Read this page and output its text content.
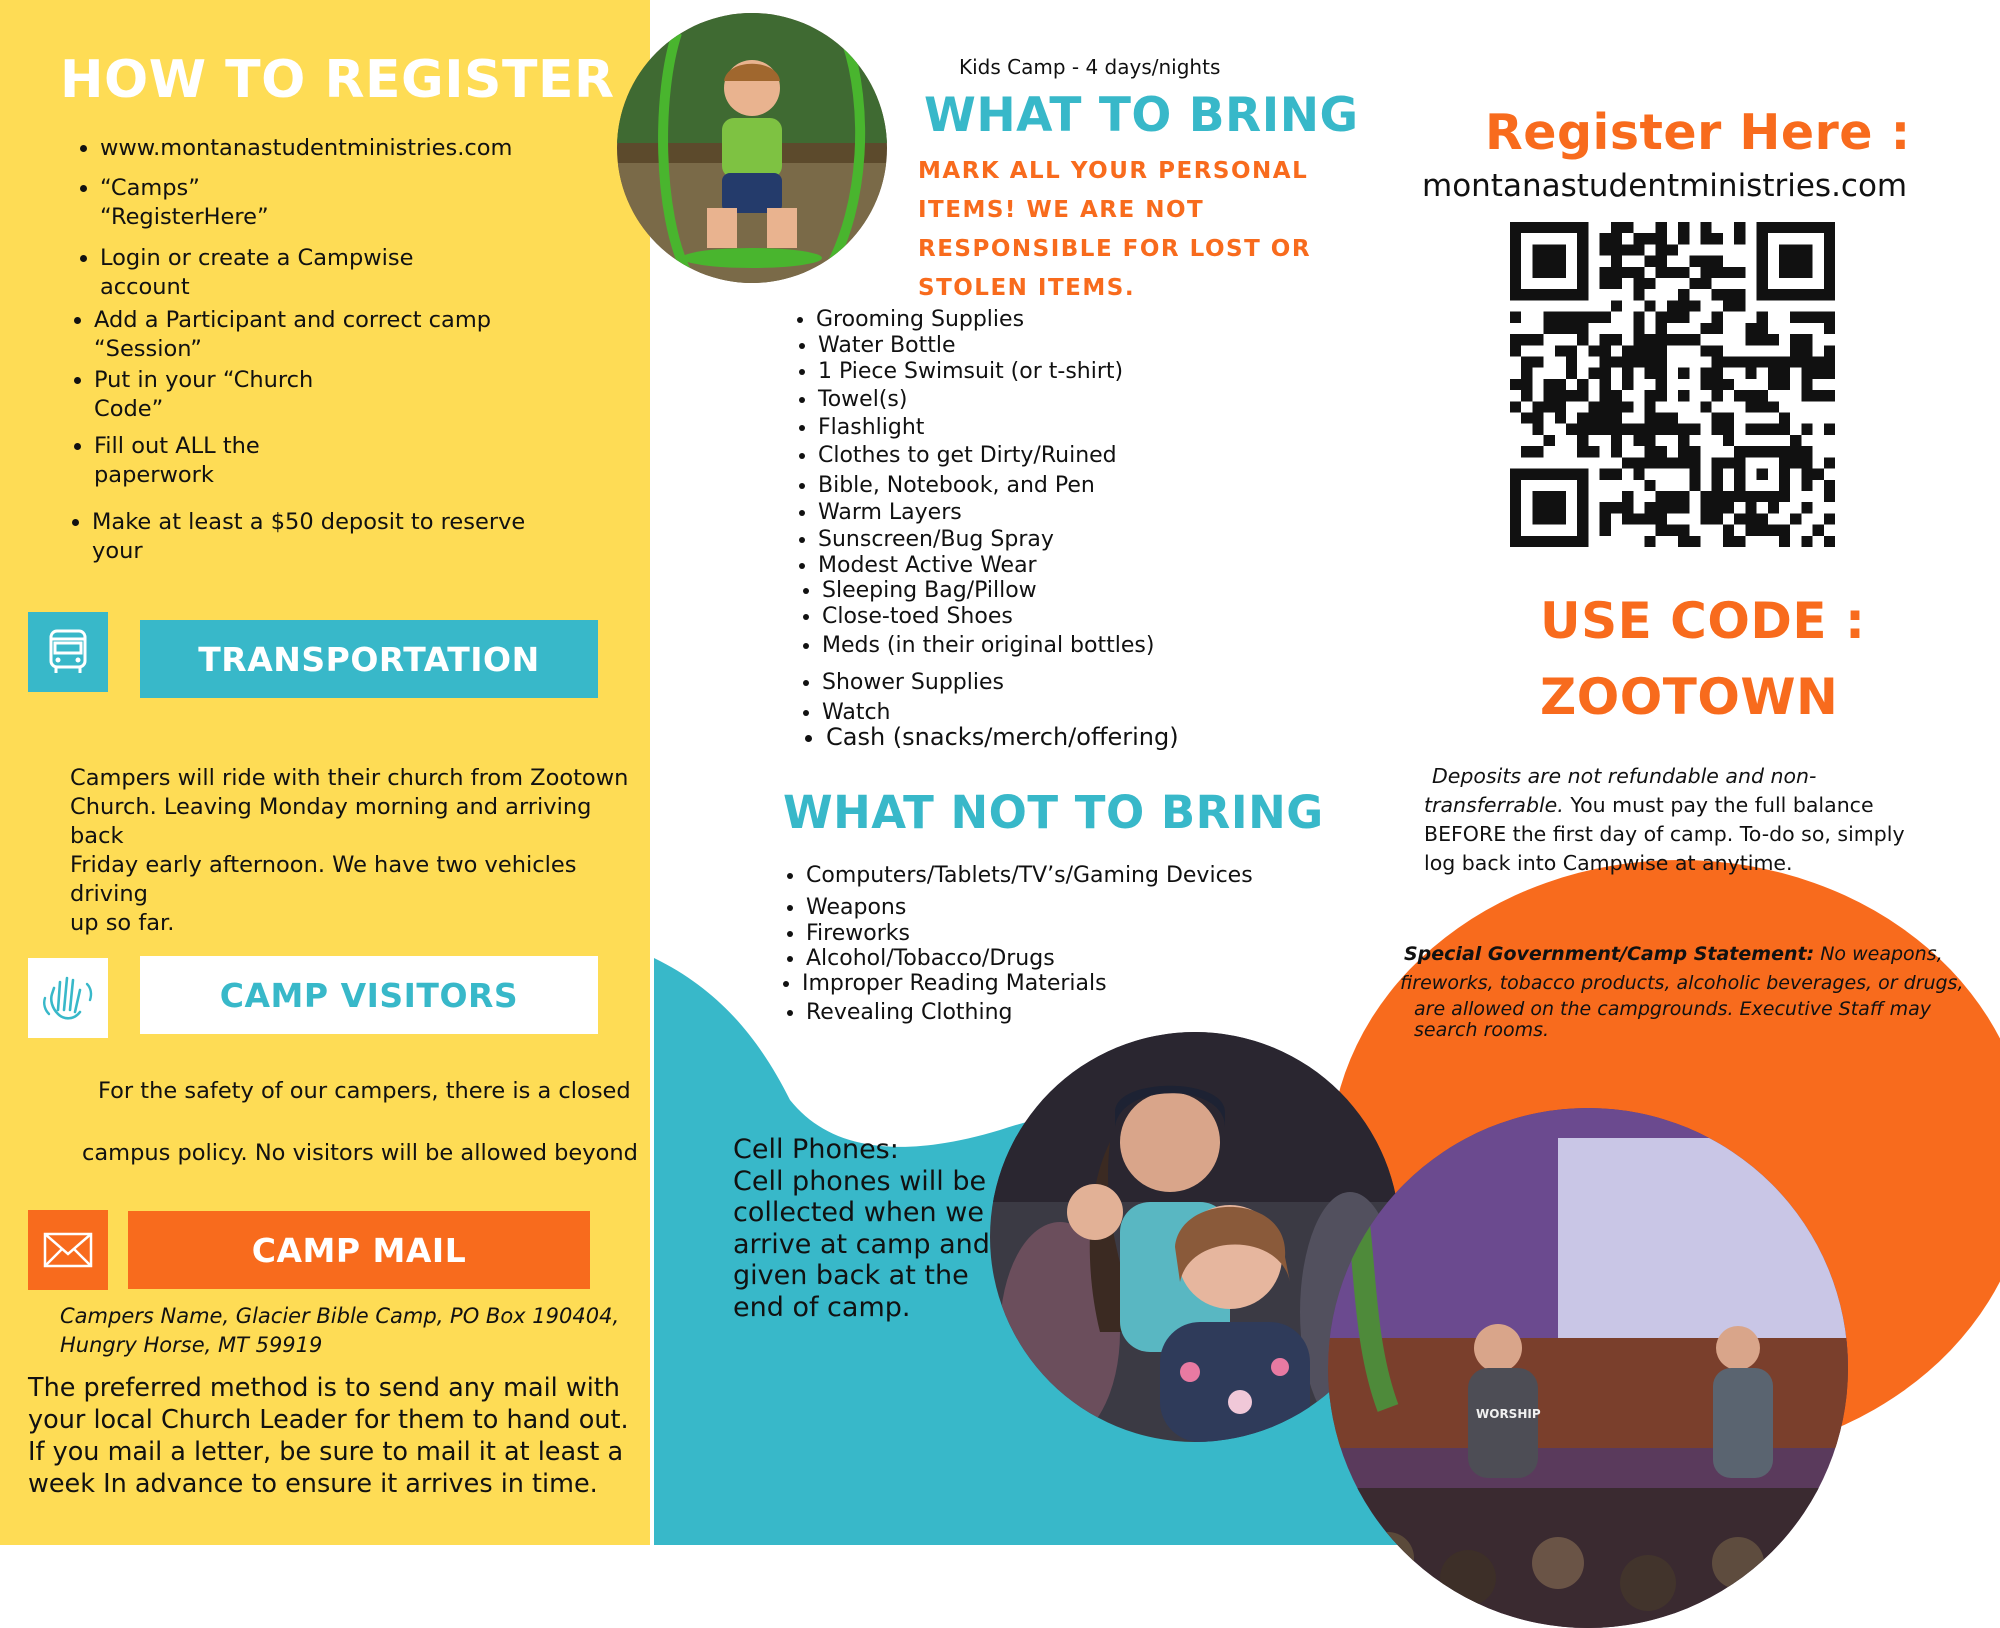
HOW TO REGISTER
• www.montanastudentministries.com
• “Camps”
“RegisterHere”
• Login or create a Campwise
account
• Add a Participant and correct camp
“Session”
• Put in your “Church
Code”
• Fill out ALL the
paperwork
• Make at least a $50 deposit to reserve
your
TRANSPORTATION
Campers will ride with their church from Zootown
Church. Leaving Monday morning and arriving back
Friday early afternoon. We have two vehicles driving
up so far.
CAMP VISITORS
For the safety of our campers, there is a closed
campus policy. No visitors will be allowed beyond
CAMP MAIL
Campers Name, Glacier Bible Camp, PO Box 190404,
Hungry Horse, MT 59919
The preferred method is to send any mail with
your local Church Leader for them to hand out.
If you mail a letter, be sure to mail it at least a
week In advance to ensure it arrives in time.
Kids Camp - 4 days/nights
WHAT TO BRING
MARK ALL YOUR PERSONAL
ITEMS! WE ARE NOT
RESPONSIBLE FOR LOST OR
STOLEN ITEMS.
• Grooming Supplies
• Water Bottle
• 1 Piece Swimsuit (or t-shirt)
• Towel(s)
• Flashlight
• Clothes to get Dirty/Ruined
• Bible, Notebook, and Pen
• Warm Layers
• Sunscreen/Bug Spray
• Modest Active Wear
• Sleeping Bag/Pillow
• Close-toed Shoes
• Meds (in their original bottles)
• Shower Supplies
• Watch
• Cash (snacks/merch/offering)
WHAT NOT TO BRING
• Computers/Tablets/TV’s/Gaming Devices
• Weapons
• Fireworks
• Alcohol/Tobacco/Drugs
• Improper Reading Materials
• Revealing Clothing
Cell Phones:
Cell phones will be
collected when we
arrive at camp and
given back at the
end of camp.
WORSHIP
Register Here :
montanastudentministries.com
USE CODE :
ZOOTOWN
Deposits are not refundable and non-
transferrable. You must pay the full balance
BEFORE the first day of camp. To-do so, simply
log back into Campwise at anytime.
Special Government/Camp Statement: No weapons,
fireworks, tobacco products, alcoholic beverages, or drugs,
are allowed on the campgrounds. Executive Staff may
search rooms.
